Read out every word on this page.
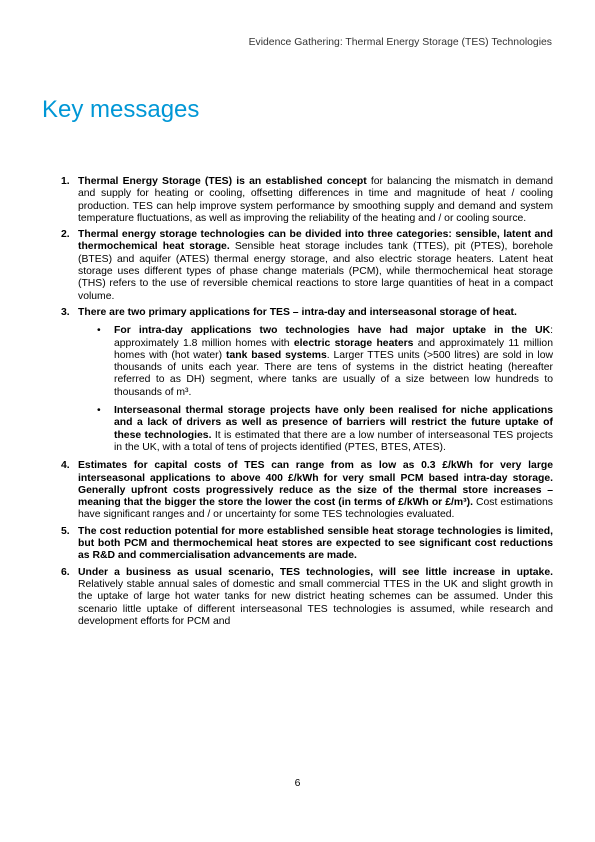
Evidence Gathering: Thermal Energy Storage (TES) Technologies
Key messages
1. Thermal Energy Storage (TES) is an established concept for balancing the mismatch in demand and supply for heating or cooling, offsetting differences in time and magnitude of heat / cooling production. TES can help improve system performance by smoothing supply and demand and system temperature fluctuations, as well as improving the reliability of the heating and / or cooling source.
2. Thermal energy storage technologies can be divided into three categories: sensible, latent and thermochemical heat storage. Sensible heat storage includes tank (TTES), pit (PTES), borehole (BTES) and aquifer (ATES) thermal energy storage, and also electric storage heaters. Latent heat storage uses different types of phase change materials (PCM), while thermochemical heat storage (THS) refers to the use of reversible chemical reactions to store large quantities of heat in a compact volume.
3. There are two primary applications for TES – intra-day and interseasonal storage of heat.
• For intra-day applications two technologies have had major uptake in the UK: approximately 1.8 million homes with electric storage heaters and approximately 11 million homes with (hot water) tank based systems. Larger TTES units (>500 litres) are sold in low thousands of units each year. There are tens of systems in the district heating (hereafter referred to as DH) segment, where tanks are usually of a size between low hundreds to thousands of m³.
• Interseasonal thermal storage projects have only been realised for niche applications and a lack of drivers as well as presence of barriers will restrict the future uptake of these technologies. It is estimated that there are a low number of interseasonal TES projects in the UK, with a total of tens of projects identified (PTES, BTES, ATES).
4. Estimates for capital costs of TES can range from as low as 0.3 £/kWh for very large interseasonal applications to above 400 £/kWh for very small PCM based intra-day storage. Generally upfront costs progressively reduce as the size of the thermal store increases – meaning that the bigger the store the lower the cost (in terms of £/kWh or £/m³). Cost estimations have significant ranges and / or uncertainty for some TES technologies evaluated.
5. The cost reduction potential for more established sensible heat storage technologies is limited, but both PCM and thermochemical heat stores are expected to see significant cost reductions as R&D and commercialisation advancements are made.
6. Under a business as usual scenario, TES technologies, will see little increase in uptake. Relatively stable annual sales of domestic and small commercial TTES in the UK and slight growth in the uptake of large hot water tanks for new district heating schemes can be assumed. Under this scenario little uptake of different interseasonal TES technologies is assumed, while research and development efforts for PCM and
6
